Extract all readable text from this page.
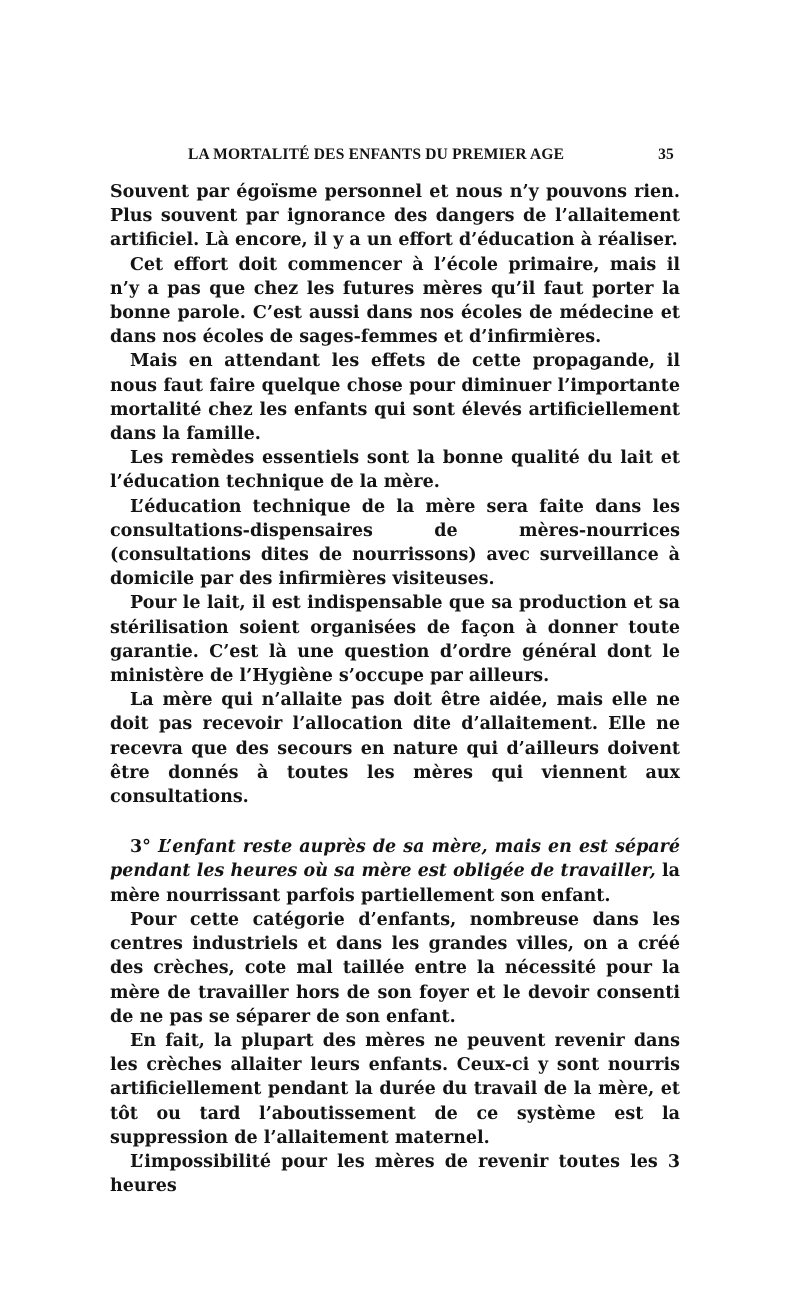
LA MORTALITÉ DES ENFANTS DU PREMIER AGE	35

Souvent par égoïsme personnel et nous n’y pouvons rien. Plus souvent par ignorance des dangers de l’allaitement artificiel. Là encore, il y a un effort d’éducation à réaliser.

Cet effort doit commencer à l’école primaire, mais il n’y a pas que chez les futures mères qu’il faut porter la bonne parole. C’est aussi dans nos écoles de médecine et dans nos écoles de sages-femmes et d’infirmières.

Mais en attendant les effets de cette propagande, il nous faut faire quelque chose pour diminuer l’importante mortalité chez les enfants qui sont élevés artificiellement dans la famille.

Les remèdes essentiels sont la bonne qualité du lait et l’éducation technique de la mère.

L’éducation technique de la mère sera faite dans les consultations-dispensaires de mères-nourrices (consultations dites de nourrissons) avec surveillance à domicile par des infirmières visiteuses.

Pour le lait, il est indispensable que sa production et sa stérilisation soient organisées de façon à donner toute garantie. C’est là une question d’ordre général dont le ministère de l’Hygiène s’occupe par ailleurs.

La mère qui n’allaite pas doit être aidée, mais elle ne doit pas recevoir l’allocation dite d’allaitement. Elle ne recevra que des secours en nature qui d’ailleurs doivent être donnés à toutes les mères qui viennent aux consultations.

3° L’enfant reste auprès de sa mère, mais en est séparé pendant les heures où sa mère est obligée de travailler, la mère nourrissant parfois partiellement son enfant.

Pour cette catégorie d’enfants, nombreuse dans les centres industriels et dans les grandes villes, on a créé des crèches, cote mal taillée entre la nécessité pour la mère de travailler hors de son foyer et le devoir consenti de ne pas se séparer de son enfant.

En fait, la plupart des mères ne peuvent revenir dans les crèches allaiter leurs enfants. Ceux-ci y sont nourris artificiellement pendant la durée du travail de la mère, et tôt ou tard l’aboutissement de ce système est la suppression de l’allaitement maternel.

L’impossibilité pour les mères de revenir toutes les 3 heures
